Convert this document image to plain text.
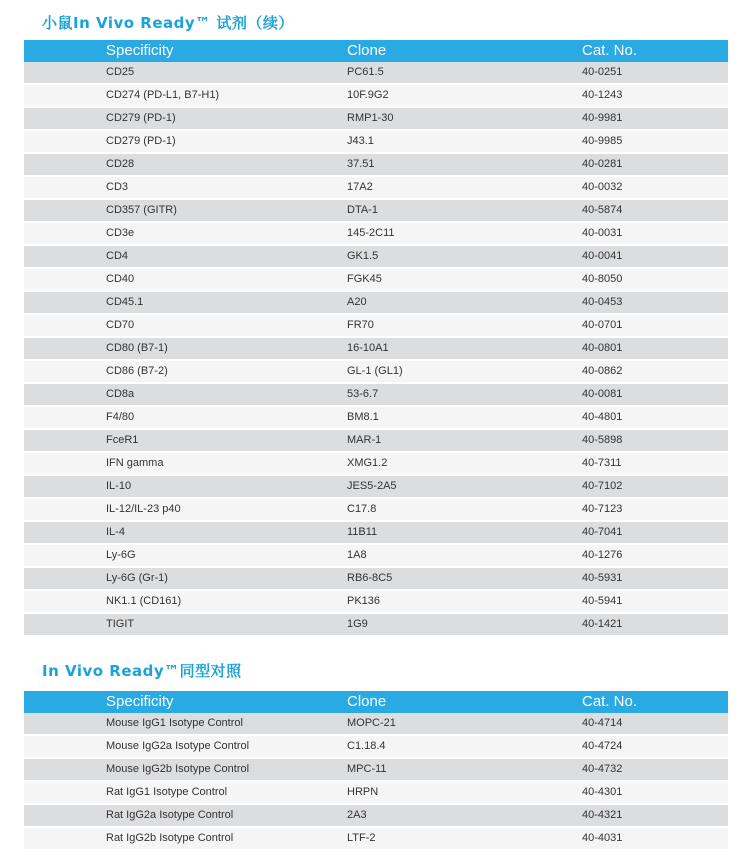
小鼠In Vivo Ready™ 试剂（续）
Specificity	Clone	Cat. No.
CD25	PC61.5	40-0251
CD274 (PD-L1, B7-H1)	10F.9G2	40-1243
CD279 (PD-1)	RMP1-30	40-9981
CD279 (PD-1)	J43.1	40-9985
CD28	37.51	40-0281
CD3	17A2	40-0032
CD357 (GITR)	DTA-1	40-5874
CD3e	145-2C11	40-0031
CD4	GK1.5	40-0041
CD40	FGK45	40-8050
CD45.1	A20	40-0453
CD70	FR70	40-0701
CD80 (B7-1)	16-10A1	40-0801
CD86 (B7-2)	GL-1 (GL1)	40-0862
CD8a	53-6.7	40-0081
F4/80	BM8.1	40-4801
FceR1	MAR-1	40-5898
IFN gamma	XMG1.2	40-7311
IL-10	JES5-2A5	40-7102
IL-12/IL-23 p40	C17.8	40-7123
IL-4	11B11	40-7041
Ly-6G	1A8	40-1276
Ly-6G (Gr-1)	RB6-8C5	40-5931
NK1.1 (CD161)	PK136	40-5941
TIGIT	1G9	40-1421
In Vivo Ready™同型对照
Specificity	Clone	Cat. No.
Mouse IgG1 Isotype Control	MOPC-21	40-4714
Mouse IgG2a Isotype Control	C1.18.4	40-4724
Mouse IgG2b Isotype Control	MPC-11	40-4732
Rat IgG1 Isotype Control	HRPN	40-4301
Rat IgG2a Isotype Control	2A3	40-4321
Rat IgG2b Isotype Control	LTF-2	40-4031
